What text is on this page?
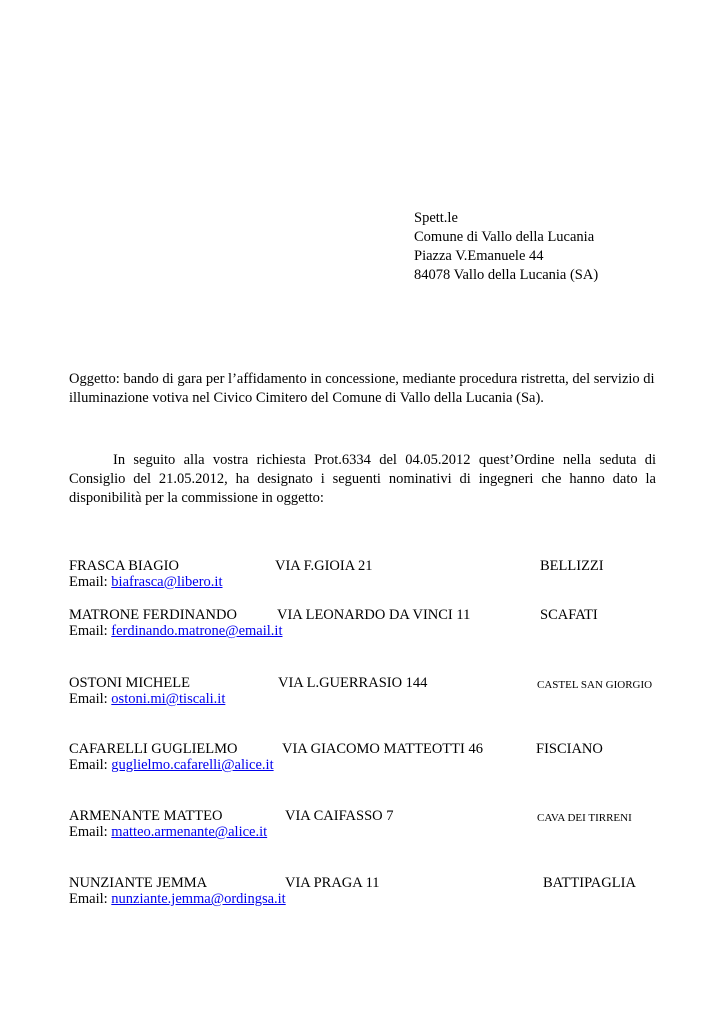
Spett.le
Comune di Vallo della Lucania
Piazza V.Emanuele 44
84078 Vallo della Lucania (SA)
Oggetto: bando di gara per l’affidamento in concessione, mediante procedura ristretta, del servizio di illuminazione votiva nel Civico Cimitero del Comune di Vallo della Lucania (Sa).
In seguito alla vostra richiesta Prot.6334 del 04.05.2012 quest’Ordine nella seduta di Consiglio del 21.05.2012, ha designato i seguenti nominativi di ingegneri che hanno dato la disponibilità per la commissione in oggetto:
FRASCA BIAGIO	VIA F.GIOIA 21	BELLIZZI
Email: biafrasca@libero.it
MATRONE FERDINANDO	VIA LEONARDO DA VINCI 11	SCAFATI
Email: ferdinando.matrone@email.it
OSTONI MICHELE	VIA L.GUERRASIO 144	CASTEL SAN GIORGIO
Email: ostoni.mi@tiscali.it
CAFARELLI GUGLIELMO	VIA GIACOMO MATTEOTTI 46	FISCIANO
Email: guglielmo.cafarelli@alice.it
ARMENANTE MATTEO	VIA CAIFASSO 7	CAVA DEI TIRRENI
Email: matteo.armenante@alice.it
NUNZIANTE JEMMA	VIA PRAGA 11	BATTIPAGLIA
Email: nunziante.jemma@ordingsa.it
